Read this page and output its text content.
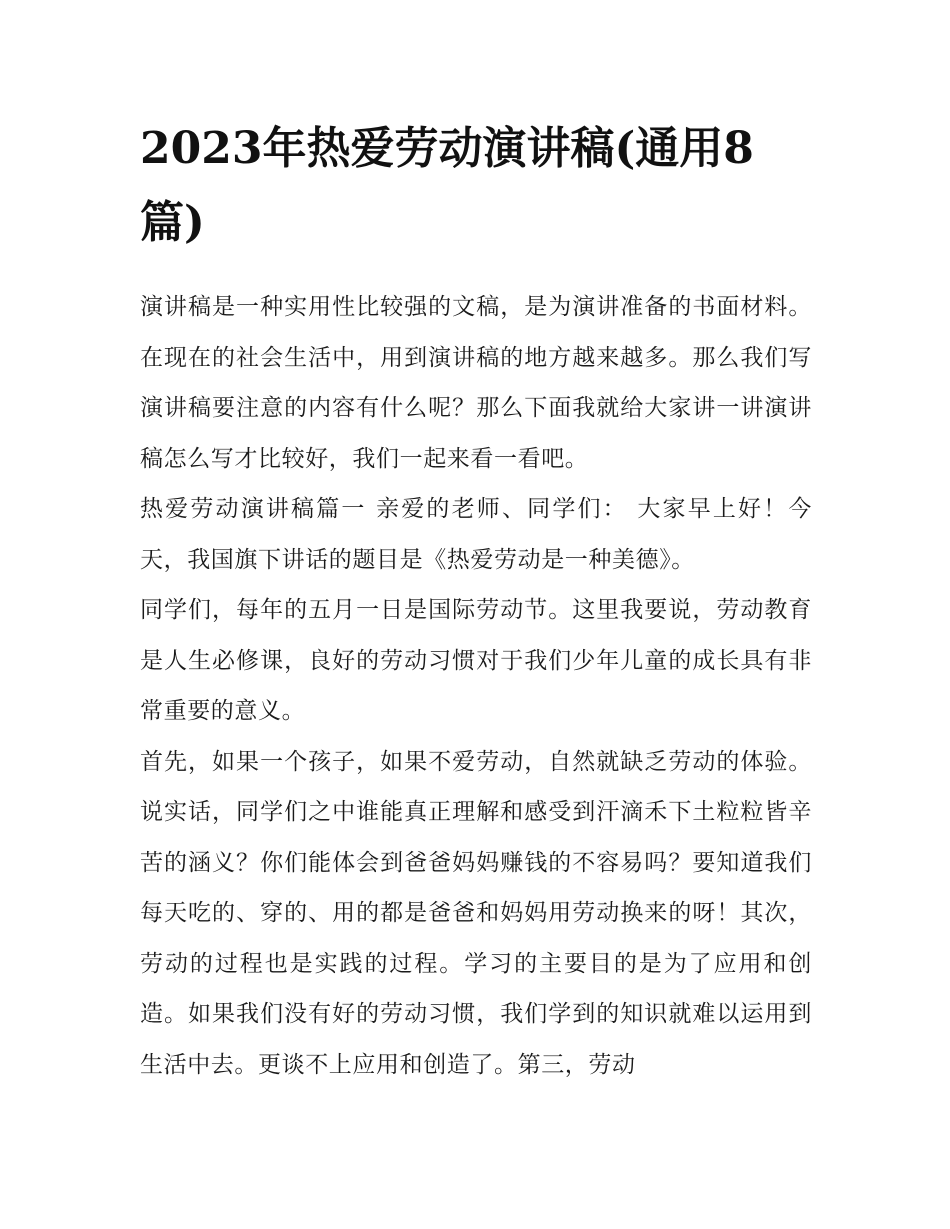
2023年热爱劳动演讲稿(通用8篇)

演讲稿是一种实用性比较强的文稿，是为演讲准备的书面材料。在现在的社会生活中，用到演讲稿的地方越来越多。那么我们写演讲稿要注意的内容有什么呢？那么下面我就给大家讲一讲演讲稿怎么写才比较好，我们一起来看一看吧。

热爱劳动演讲稿篇一 亲爱的老师、同学们： 大家早上好！今天，我国旗下讲话的题目是《热爱劳动是一种美德》。

同学们，每年的五月一日是国际劳动节。这里我要说，劳动教育是人生必修课，良好的劳动习惯对于我们少年儿童的成长具有非常重要的意义。

首先，如果一个孩子，如果不爱劳动，自然就缺乏劳动的体验。说实话，同学们之中谁能真正理解和感受到汗滴禾下土粒粒皆辛苦的涵义？你们能体会到爸爸妈妈赚钱的不容易吗？要知道我们每天吃的、穿的、用的都是爸爸和妈妈用劳动换来的呀！其次，劳动的过程也是实践的过程。学习的主要目的是为了应用和创造。如果我们没有好的劳动习惯，我们学到的知识就难以运用到生活中去。更谈不上应用和创造了。第三，劳动
